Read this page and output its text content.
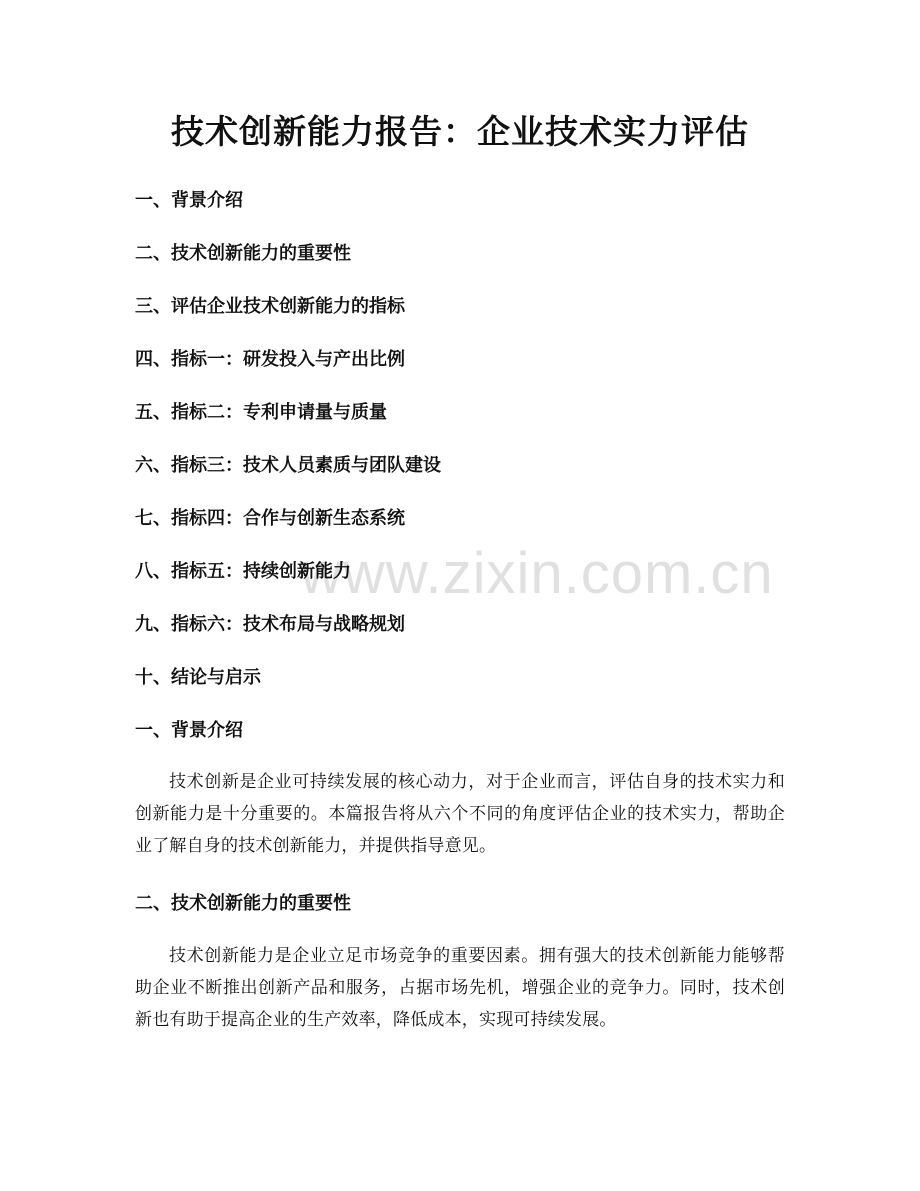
技术创新能力报告：企业技术实力评估
一、背景介绍
二、技术创新能力的重要性
三、评估企业技术创新能力的指标
四、指标一：研发投入与产出比例
五、指标二：专利申请量与质量
六、指标三：技术人员素质与团队建设
七、指标四：合作与创新生态系统
八、指标五：持续创新能力
九、指标六：技术布局与战略规划
十、结论与启示
一、背景介绍
技术创新是企业可持续发展的核心动力，对于企业而言，评估自身的技术实力和创新能力是十分重要的。本篇报告将从六个不同的角度评估企业的技术实力，帮助企业了解自身的技术创新能力，并提供指导意见。
二、技术创新能力的重要性
技术创新能力是企业立足市场竞争的重要因素。拥有强大的技术创新能力能够帮助企业不断推出创新产品和服务，占据市场先机，增强企业的竞争力。同时，技术创新也有助于提高企业的生产效率，降低成本，实现可持续发展。
www.zixin.com.cn
